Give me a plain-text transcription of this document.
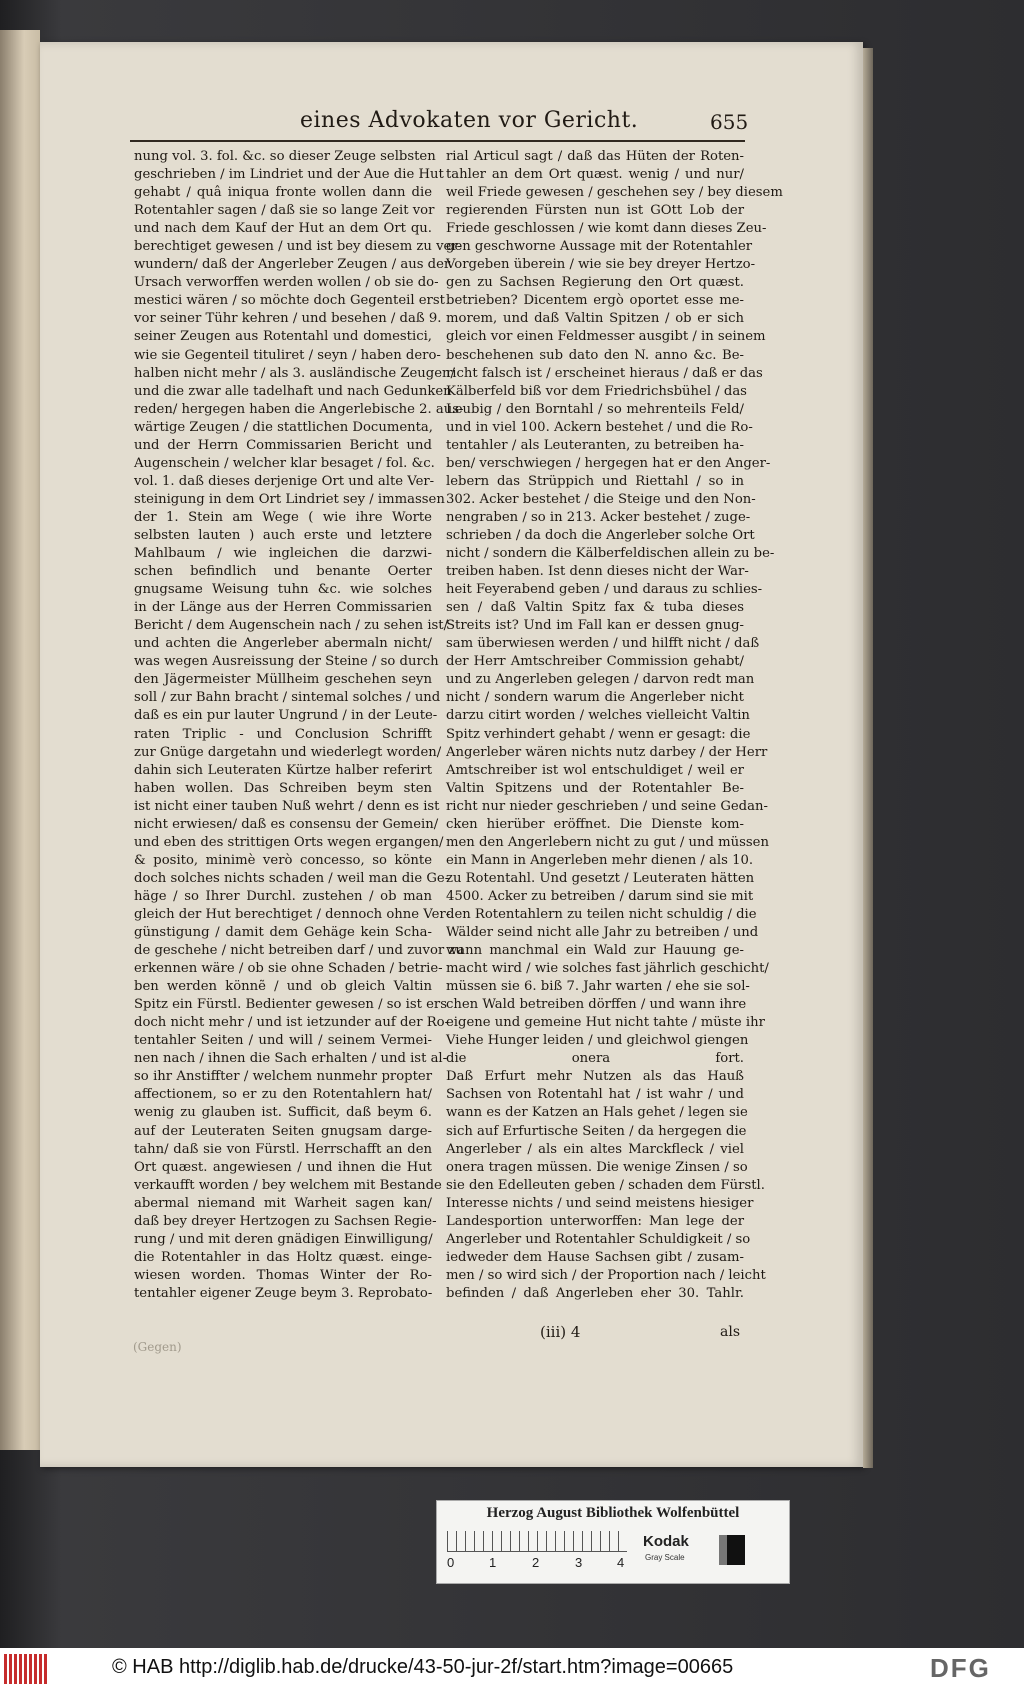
eines Advokaten vor Gericht.	655
nung vol. 3. fol. &c. so dieser Zeuge selbsten
geschrieben / im Lindriet und der Aue die Hut
gehabt / quâ iniqua fronte wollen dann die
Rotentahler sagen / daß sie so lange Zeit vor
und nach dem Kauf der Hut an dem Ort qu.
berechtiget gewesen / und ist bey diesem zu ver-
wundern/ daß der Angerleber Zeugen / aus der
Ursach verworffen werden wollen / ob sie do-
mestici wären / so möchte doch Gegenteil erst
vor seiner Tühr kehren / und besehen / daß 9.
seiner Zeugen aus Rotentahl und domestici,
wie sie Gegenteil tituliret / seyn / haben dero-
halben nicht mehr / als 3. ausländische Zeugen/
und die zwar alle tadelhaft und nach Gedunken
reden/ hergegen haben die Angerlebische 2. aus-
wärtige Zeugen / die stattlichen Documenta,
und der Herrn Commissarien Bericht und
Augenschein / welcher klar besaget / fol. &c.
vol. 1. daß dieses derjenige Ort und alte Ver-
steinigung in dem Ort Lindriet sey / immassen
der 1. Stein am Wege ( wie ihre Worte
selbsten lauten ) auch erste und letztere
Mahlbaum / wie ingleichen die darzwi-
schen befindlich und benante Oerter
gnugsame Weisung tuhn &c. wie solches
in der Länge aus der Herren Commissarien
Bericht / dem Augenschein nach / zu sehen ist/
und achten die Angerleber abermaln nicht/
was wegen Ausreissung der Steine / so durch
den Jägermeister Müllheim geschehen seyn
soll / zur Bahn bracht / sintemal solches / und
daß es ein pur lauter Ungrund / in der Leute-
raten Triplic - und Conclusion Schrifft
zur Gnüge dargetahn und wiederlegt worden/
dahin sich Leuteraten Kürtze halber referirt
haben wollen. Das Schreiben beym sten
ist nicht einer tauben Nuß wehrt / denn es ist
nicht erwiesen/ daß es consensu der Gemein/
und eben des strittigen Orts wegen ergangen/
& posito, minimè verò concesso, so könte
doch solches nichts schaden / weil man die Ge-
häge / so Ihrer Durchl. zustehen / ob man
gleich der Hut berechtiget / dennoch ohne Ver-
günstigung / damit dem Gehäge kein Scha-
de geschehe / nicht betreiben darf / und zuvor zu
erkennen wäre / ob sie ohne Schaden / betrie-
ben werden könnẽ / und ob gleich Valtin
Spitz ein Fürstl. Bedienter gewesen / so ist ers
doch nicht mehr / und ist ietzunder auf der Ro-
tentahler Seiten / und will / seinem Vermei-
nen nach / ihnen die Sach erhalten / und ist al-
so ihr Anstiffter / welchem nunmehr propter
affectionem, so er zu den Rotentahlern hat/
wenig zu glauben ist. Sufficit, daß beym 6.
auf der Leuteraten Seiten gnugsam darge-
tahn/ daß sie von Fürstl. Herrschafft an den
Ort quæst. angewiesen / und ihnen die Hut
verkaufft worden / bey welchem mit Bestande
abermal niemand mit Warheit sagen kan/
daß bey dreyer Hertzogen zu Sachsen Regie-
rung / und mit deren gnädigen Einwilligung/
die Rotentahler in das Holtz quæst. einge-
wiesen worden. Thomas Winter der Ro-
tentahler eigener Zeuge beym 3. Reprobato-
rial Articul sagt / daß das Hüten der Roten-
tahler an dem Ort quæst. wenig / und nur/
weil Friede gewesen / geschehen sey / bey diesem
regierenden Fürsten nun ist GOtt Lob der
Friede geschlossen / wie komt dann dieses Zeu-
gen geschworne Aussage mit der Rotentahler
Vorgeben überein / wie sie bey dreyer Hertzo-
gen zu Sachsen Regierung den Ort quæst.
betrieben? Dicentem ergò oportet esse me-
morem, und daß Valtin Spitzen / ob er sich
gleich vor einen Feldmesser ausgibt / in seinem
beschehenen sub dato den N. anno &c. Be-
richt falsch ist / erscheinet hieraus / daß er das
Kälberfeld biß vor dem Friedrichsbühel / das
Leubig / den Borntahl / so mehrenteils Feld/
und in viel 100. Ackern bestehet / und die Ro-
tentahler / als Leuteranten, zu betreiben ha-
ben/ verschwiegen / hergegen hat er den Anger-
lebern das Strüppich und Riettahl / so in
302. Acker bestehet / die Steige und den Non-
nengraben / so in 213. Acker bestehet / zuge-
schrieben / da doch die Angerleber solche Ort
nicht / sondern die Kälberfeldischen allein zu be-
treiben haben. Ist denn dieses nicht der War-
heit Feyerabend geben / und daraus zu schlies-
sen / daß Valtin Spitz fax & tuba dieses
Streits ist? Und im Fall kan er dessen gnug-
sam überwiesen werden / und hilfft nicht / daß
der Herr Amtschreiber Commission gehabt/
und zu Angerleben gelegen / darvon redt man
nicht / sondern warum die Angerleber nicht
darzu citirt worden / welches vielleicht Valtin
Spitz verhindert gehabt / wenn er gesagt: die
Angerleber wären nichts nutz darbey / der Herr
Amtschreiber ist wol entschuldiget / weil er
Valtin Spitzens und der Rotentahler Be-
richt nur nieder geschrieben / und seine Gedan-
cken hierüber eröffnet. Die Dienste kom-
men den Angerlebern nicht zu gut / und müssen
ein Mann in Angerleben mehr dienen / als 10.
zu Rotentahl. Und gesetzt / Leuteraten hätten
4500. Acker zu betreiben / darum sind sie mit
den Rotentahlern zu teilen nicht schuldig / die
Wälder seind nicht alle Jahr zu betreiben / und
wann manchmal ein Wald zur Hauung ge-
macht wird / wie solches fast jährlich geschicht/
müssen sie 6. biß 7. Jahr warten / ehe sie sol-
chen Wald betreiben dörffen / und wann ihre
eigene und gemeine Hut nicht tahte / müste ihr
Viehe Hunger leiden / und gleichwol giengen
die onera fort.
Daß Erfurt mehr Nutzen als das Hauß
Sachsen von Rotentahl hat / ist wahr / und
wann es der Katzen an Hals gehet / legen sie
sich auf Erfurtische Seiten / da hergegen die
Angerleber / als ein altes Marckfleck / viel
onera tragen müssen. Die wenige Zinsen / so
sie den Edelleuten geben / schaden dem Fürstl.
Interesse nichts / und seind meistens hiesiger
Landesportion unterworffen: Man lege der
Angerleber und Rotentahler Schuldigkeit / so
iedweder dem Hause Sachsen gibt / zusam-
men / so wird sich / der Proportion nach / leicht
befinden / daß Angerleben eher 30. Tahlr.
(iii) 4	als
(Gegen)
Herzog August Bibliothek Wolfenbüttel
0	1	2	3	4
Kodak
Gray Scale
© HAB http://diglib.hab.de/drucke/43-50-jur-2f/start.htm?image=00665	DFG
